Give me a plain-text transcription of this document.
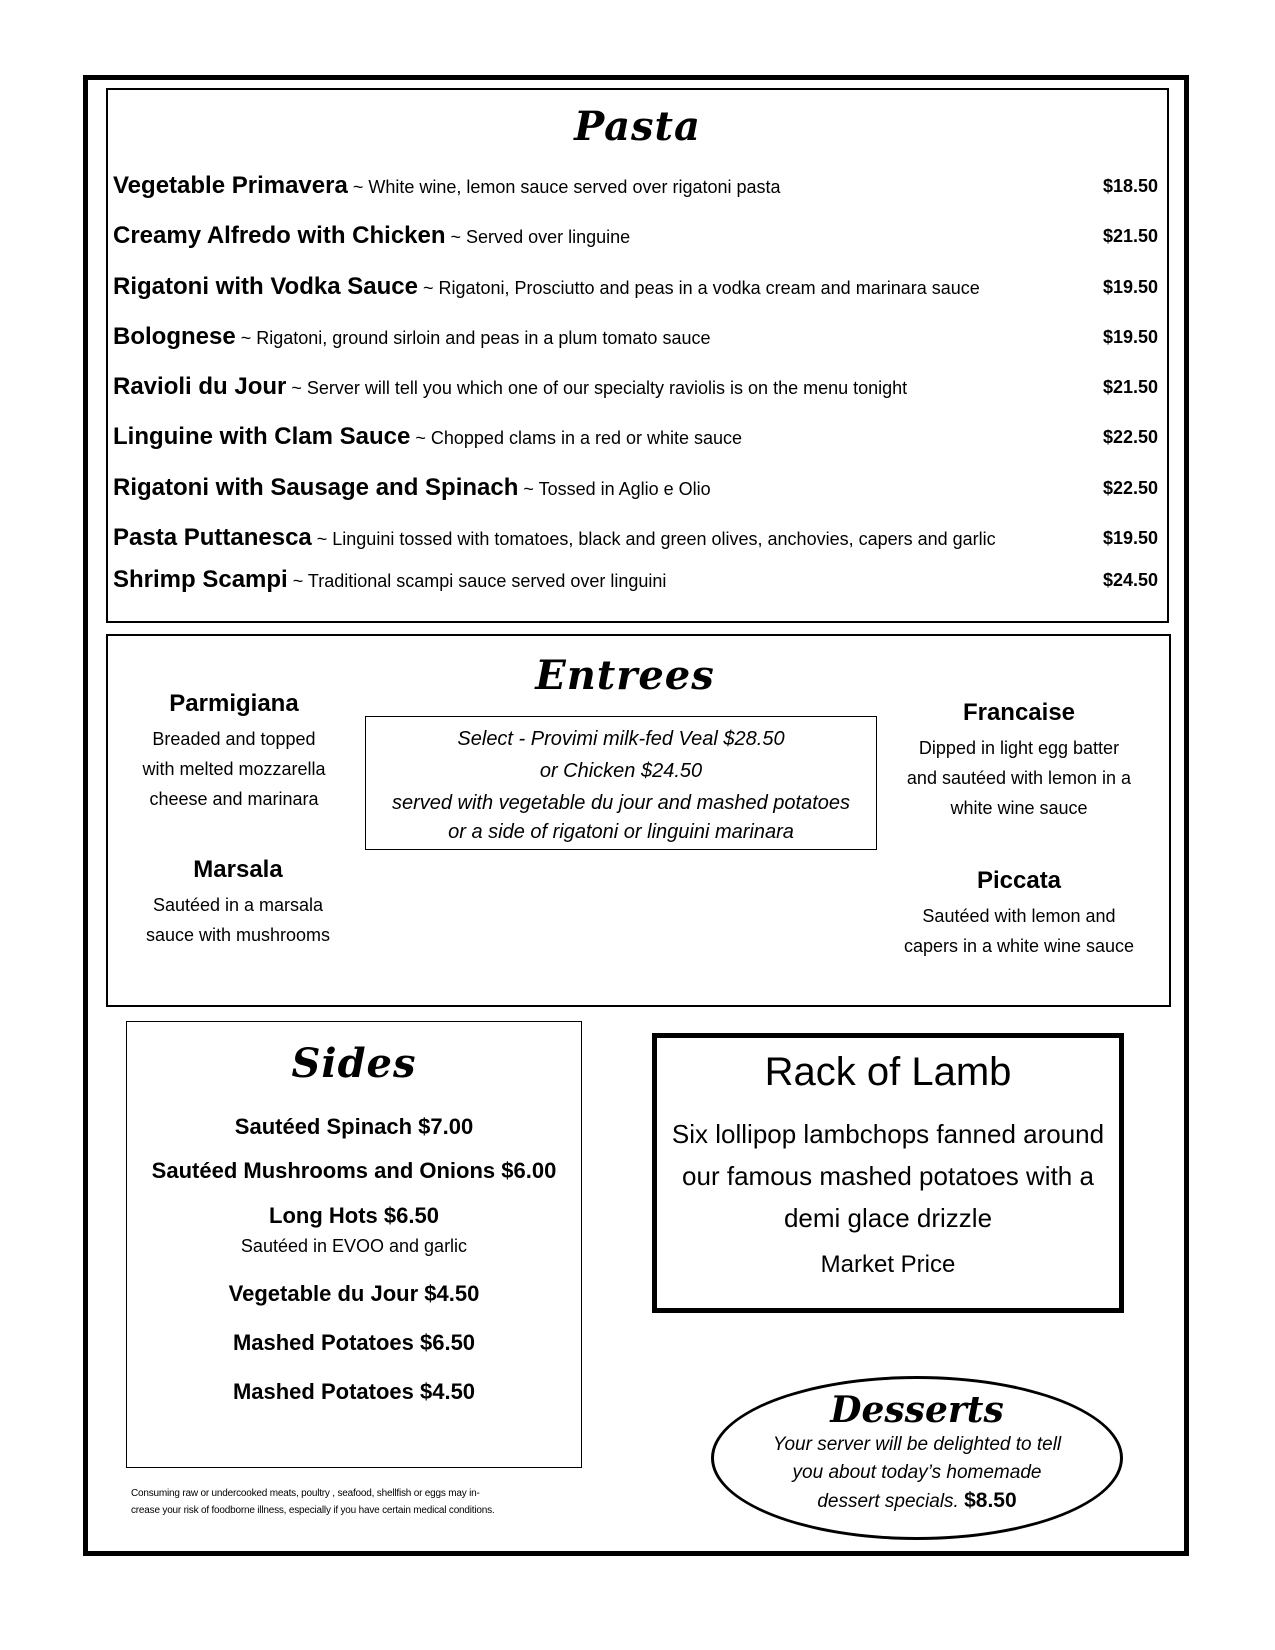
Pasta
Vegetable Primavera ~ White wine, lemon sauce served over rigatoni pasta	$18.50
Creamy Alfredo with Chicken ~ Served over linguine	$21.50
Rigatoni with Vodka Sauce ~ Rigatoni, Prosciutto and peas in a vodka cream and marinara sauce	$19.50
Bolognese ~ Rigatoni, ground sirloin and peas in a plum tomato sauce	$19.50
Ravioli du Jour ~ Server will tell you which one of our specialty raviolis is on the menu tonight	$21.50
Linguine with Clam Sauce ~ Chopped clams in a red or white sauce	$22.50
Rigatoni with Sausage and Spinach ~ Tossed in Aglio e Olio	$22.50
Pasta Puttanesca ~ Linguini tossed with tomatoes, black and green olives, anchovies, capers and garlic	$19.50
Shrimp Scampi ~ Traditional scampi sauce served over linguini	$24.50
Entrees
Parmigiana
Breaded and topped
with melted mozzarella
cheese and marinara
Marsala
Sautéed in a marsala
sauce with mushrooms
Select - Provimi milk-fed Veal $28.50
or Chicken $24.50
served with vegetable du jour and mashed potatoes
or a side of rigatoni or linguini marinara
Francaise
Dipped in light egg batter
and sautéed with lemon in a
white wine sauce
Piccata
Sautéed with lemon and
capers in a white wine sauce
Sides
Sautéed Spinach $7.00
Sautéed Mushrooms and Onions $6.00
Long Hots $6.50
Sautéed in EVOO and garlic
Vegetable du Jour $4.50
Mashed Potatoes $6.50
Mashed Potatoes $4.50
Rack of Lamb
Six lollipop lambchops fanned around
our famous mashed potatoes with a
demi glace drizzle
Market Price
Desserts
Your server will be delighted to tell
you about today’s homemade
dessert specials. $8.50
Consuming raw or undercooked meats, poultry , seafood, shellfish or eggs may in-
crease your risk of foodborne illness, especially if you have certain medical conditions.
